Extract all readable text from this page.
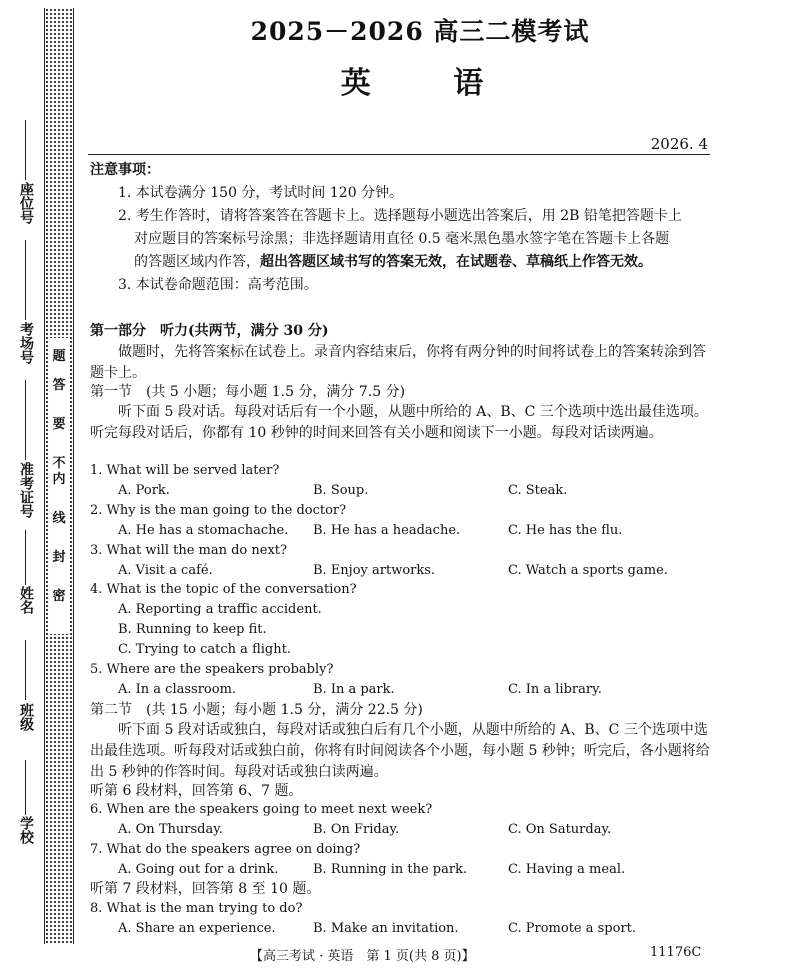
密
封
线
内
不
要
答
题
座位号
考场号
准考证号
姓名
班级
学校
2025－2026 高三二模考试
英 语
2026. 4
注意事项：
1. 本试卷满分 150 分，考试时间 120 分钟。
2. 考生作答时，请将答案答在答题卡上。选择题每小题选出答案后，用 2B 铅笔把答题卡上
对应题目的答案标号涂黑；非选择题请用直径 0.5 毫米黑色墨水签字笔在答题卡上各题
的答题区域内作答，超出答题区域书写的答案无效，在试题卷、草稿纸上作答无效。
3. 本试卷命题范围：高考范围。
第一部分　听力(共两节，满分 30 分)
做题时，先将答案标在试卷上。录音内容结束后，你将有两分钟的时间将试卷上的答案转涂到答题卡上。
第一节　(共 5 小题；每小题 1.5 分，满分 7.5 分)
听下面 5 段对话。每段对话后有一个小题，从题中所给的 A、B、C 三个选项中选出最佳选项。听完每段对话后，你都有 10 秒钟的时间来回答有关小题和阅读下一小题。每段对话读两遍。
1. What will be served later?
A. Pork.	B. Soup.	C. Steak.
2. Why is the man going to the doctor?
A. He has a stomachache. B. He has a headache.	C. He has the flu.
3. What will the man do next?
A. Visit a café.	B. Enjoy artworks.	C. Watch a sports game.
4. What is the topic of the conversation?
A. Reporting a traffic accident.
B. Running to keep fit.
C. Trying to catch a flight.
5. Where are the speakers probably?
A. In a classroom.	B. In a park.	C. In a library.
第二节　(共 15 小题；每小题 1.5 分，满分 22.5 分)
听下面 5 段对话或独白，每段对话或独白后有几个小题，从题中所给的 A、B、C 三个选项中选出最佳选项。听每段对话或独白前，你将有时间阅读各个小题，每小题 5 秒钟；听完后，各小题将给出 5 秒钟的作答时间。每段对话或独白读两遍。
听第 6 段材料，回答第 6、7 题。
6. When are the speakers going to meet next week?
A. On Thursday.	B. On Friday.	C. On Saturday.
7. What do the speakers agree on doing?
A. Going out for a drink.	B. Running in the park.	C. Having a meal.
听第 7 段材料，回答第 8 至 10 题。
8. What is the man trying to do?
A. Share an experience.	B. Make an invitation.	C. Promote a sport.
【高三考试 · 英语　第 1 页(共 8 页)】	11176C
